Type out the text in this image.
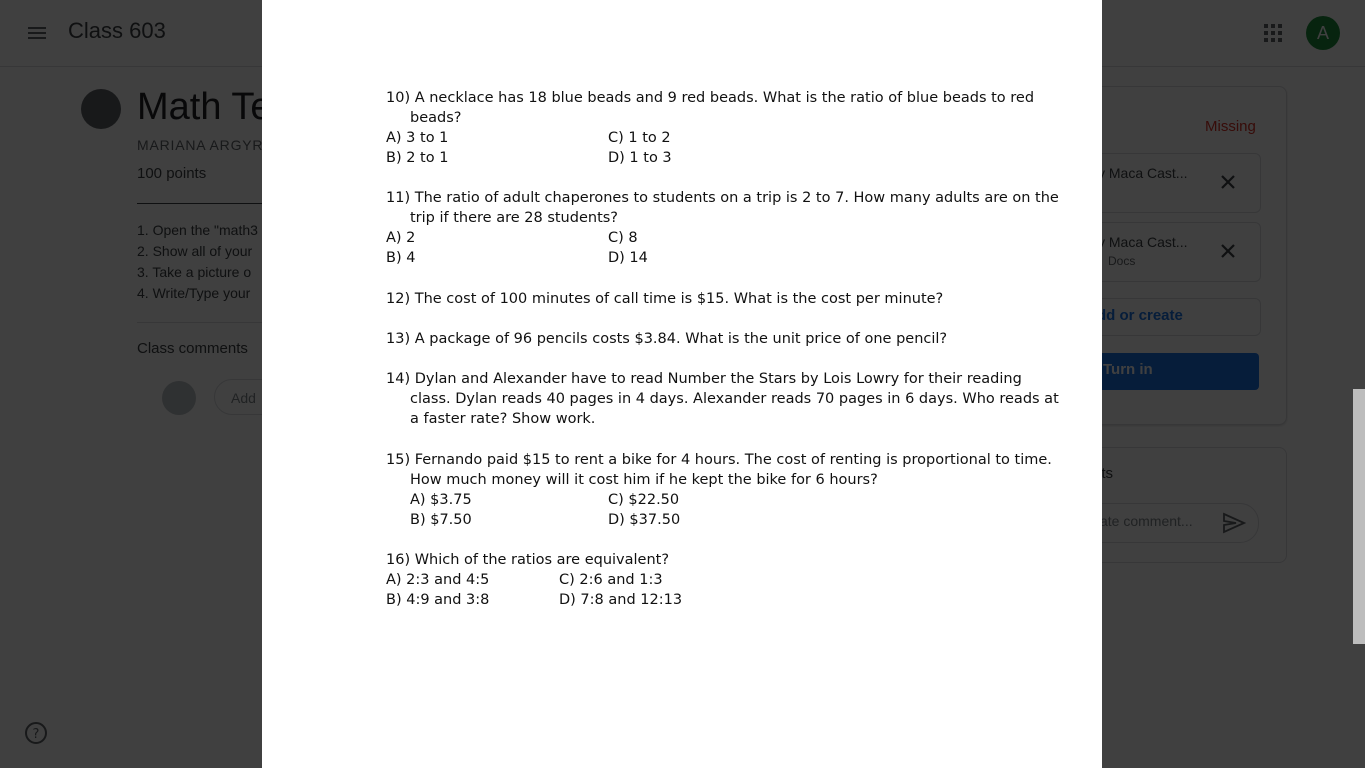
10) A necklace has 18 blue beads and 9 red beads. What is the ratio of blue beads to red
beads?
A) 3 to 1	C) 1 to 2
B) 2 to 1	D) 1 to 3
11) The ratio of adult chaperones to students on a trip is 2 to 7. How many adults are on the
trip if there are 28 students?
A) 2	C) 8
B) 4	D) 14
12) The cost of 100 minutes of call time is $15. What is the cost per minute?
13) A package of 96 pencils costs $3.84. What is the unit price of one pencil?
14) Dylan and Alexander have to read Number the Stars by Lois Lowry for their reading
class. Dylan reads 40 pages in 4 days. Alexander reads 70 pages in 6 days. Who reads at
a faster rate? Show work.
15) Fernando paid $15 to rent a bike for 4 hours. The cost of renting is proportional to time.
How much money will it cost him if he kept the bike for 6 hours?
A) $3.75	C) $22.50
B) $7.50	D) $37.50
16) Which of the ratios are equivalent?
A) 2:3 and 4:5	C) 2:6 and 1:3
B) 4:9 and 3:8	D) 7:8 and 12:13
